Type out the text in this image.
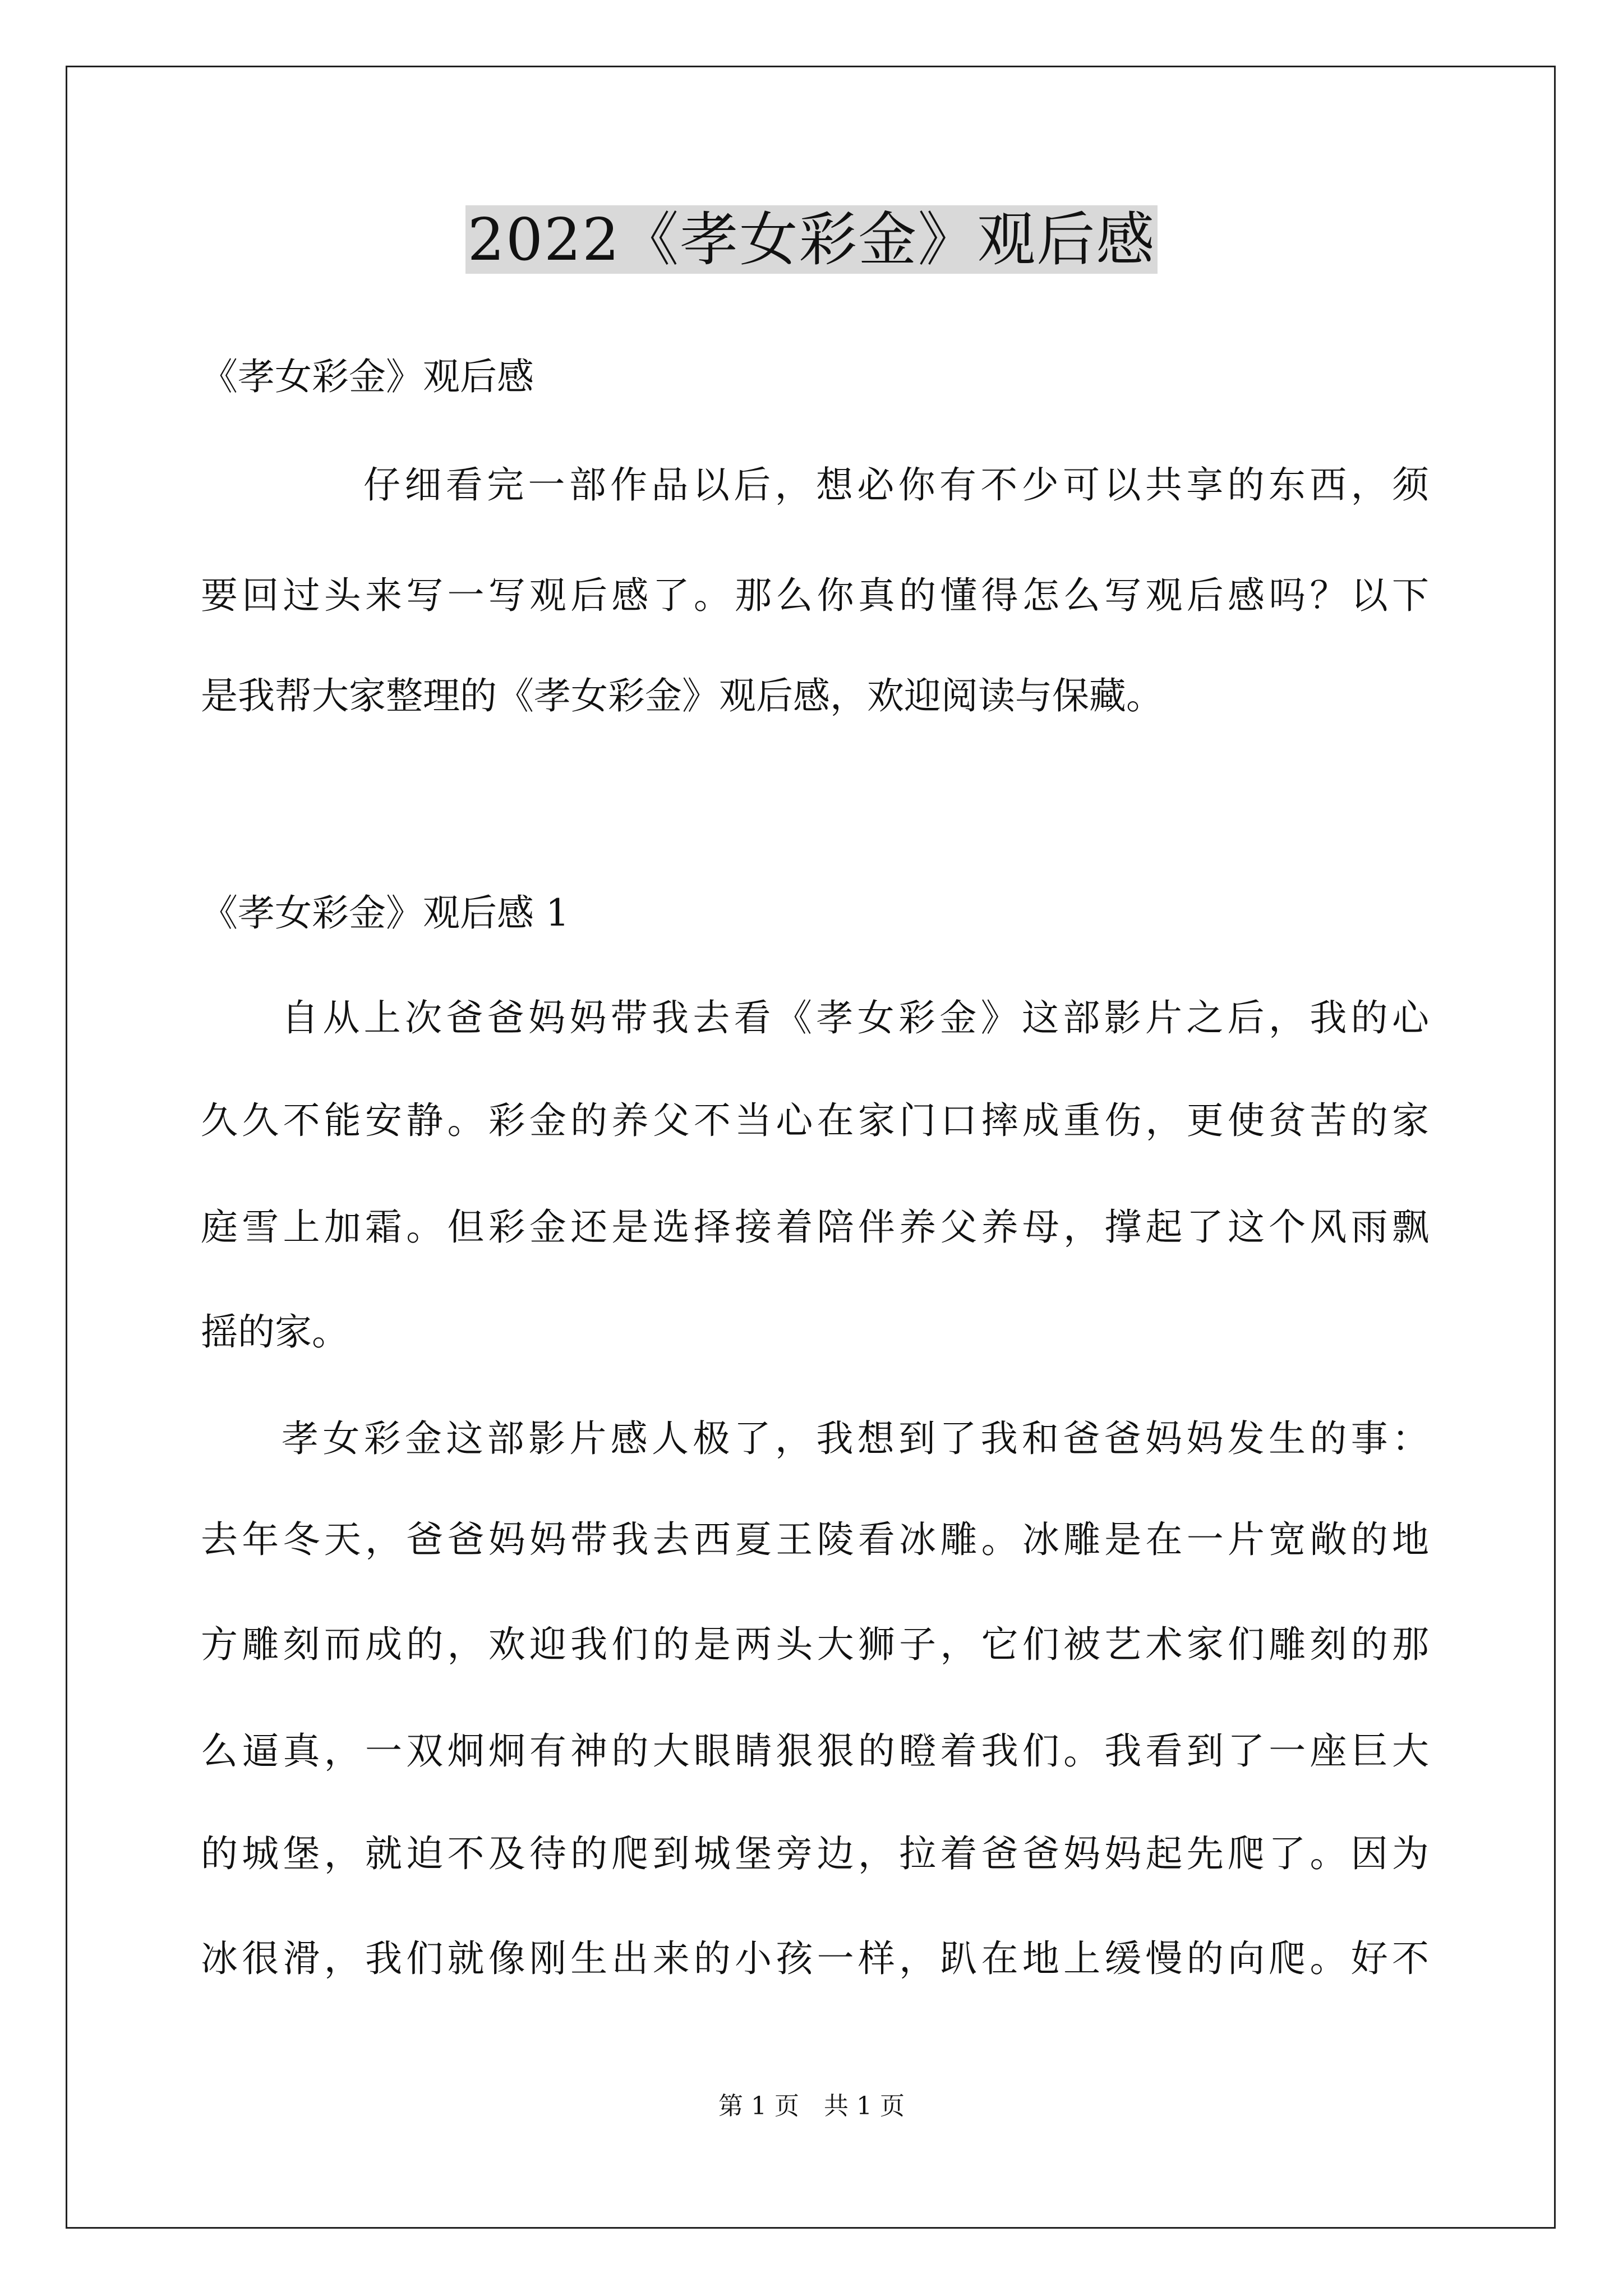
2022《孝女彩金》观后感
《孝女彩金》观后感
仔细看完一部作品以后，想必你有不少可以共享的东西，须
要回过头来写一写观后感了。那么你真的懂得怎么写观后感吗？以下
是我帮大家整理的《孝女彩金》观后感，欢迎阅读与保藏。
《孝女彩金》观后感 1
自从上次爸爸妈妈带我去看《孝女彩金》这部影片之后，我的心
久久不能安静。彩金的养父不当心在家门口摔成重伤，更使贫苦的家
庭雪上加霜。但彩金还是选择接着陪伴养父养母，撑起了这个风雨飘
摇的家。
孝女彩金这部影片感人极了，我想到了我和爸爸妈妈发生的事：
去年冬天，爸爸妈妈带我去西夏王陵看冰雕。冰雕是在一片宽敞的地
方雕刻而成的，欢迎我们的是两头大狮子，它们被艺术家们雕刻的那
么逼真，一双炯炯有神的大眼睛狠狠的瞪着我们。我看到了一座巨大
的城堡，就迫不及待的爬到城堡旁边，拉着爸爸妈妈起先爬了。因为
冰很滑，我们就像刚生出来的小孩一样，趴在地上缓慢的向爬。好不
第 1 页　共 1 页
